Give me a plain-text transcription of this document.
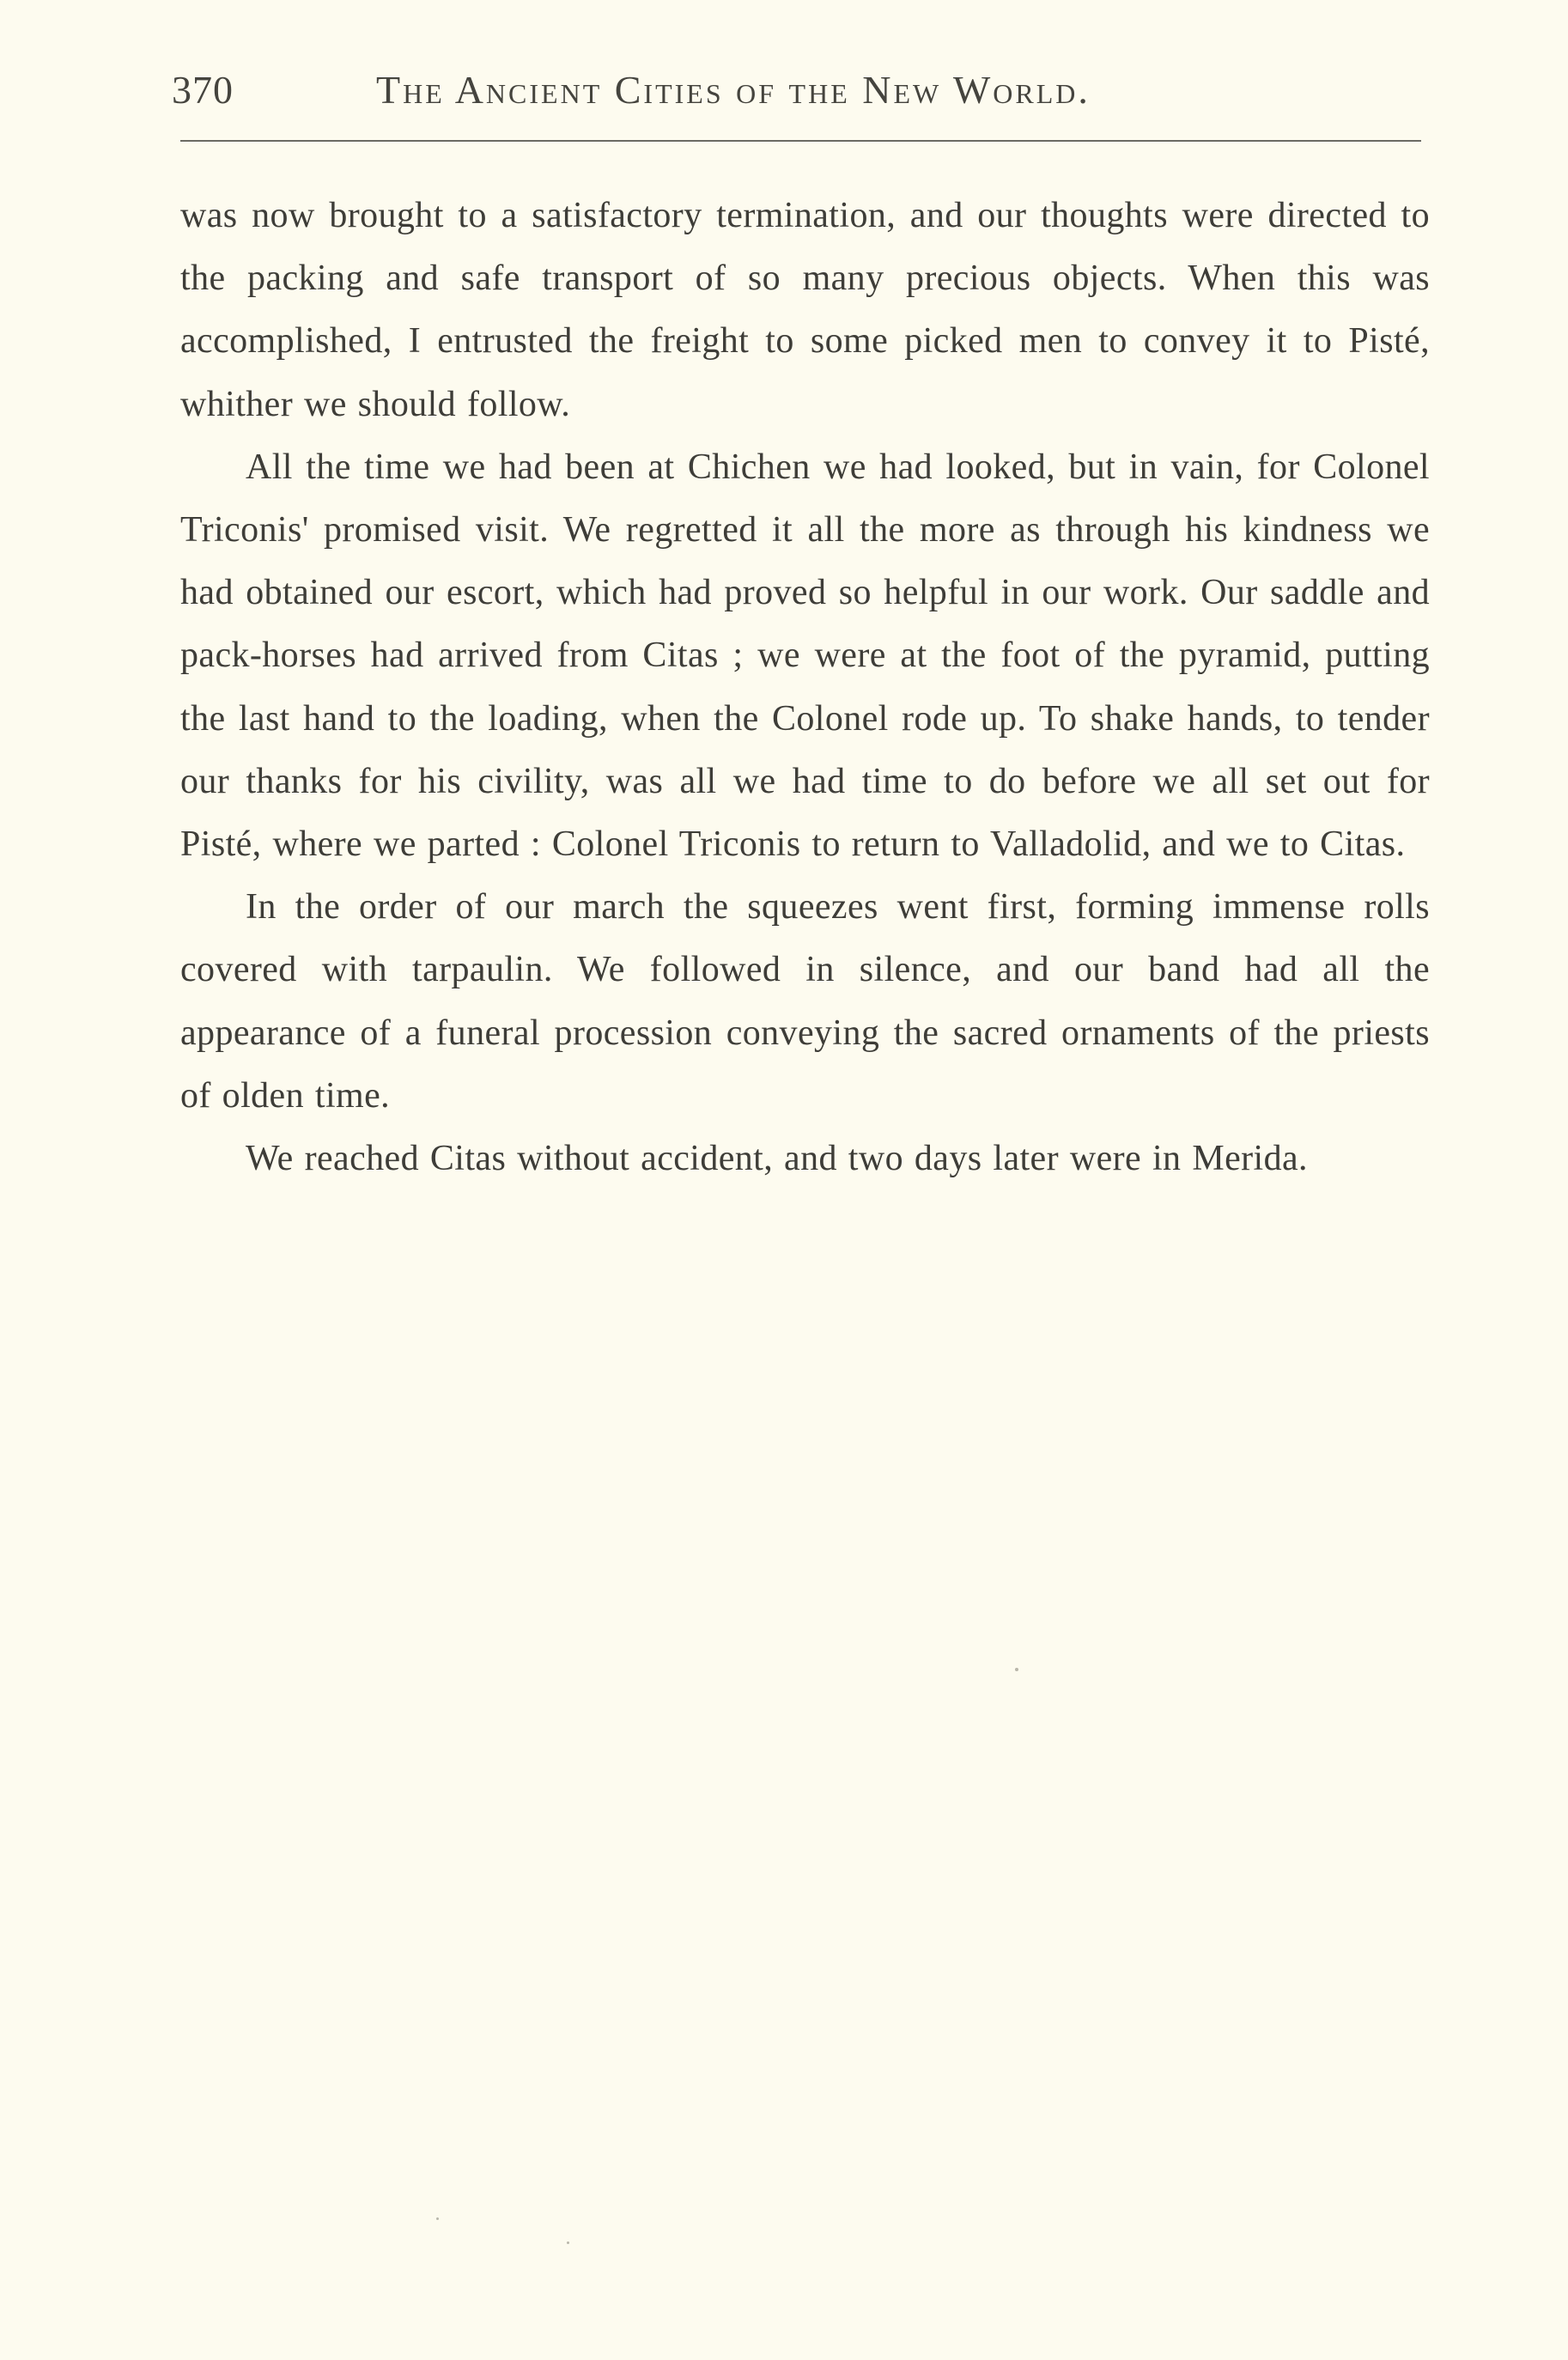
370	The Ancient Cities of the New World.

was now brought to a satisfactory termination, and our thoughts were directed to the packing and safe transport of so many precious objects. When this was accomplished, I entrusted the freight to some picked men to convey it to Pisté, whither we should follow.

All the time we had been at Chichen we had looked, but in vain, for Colonel Triconis' promised visit. We regretted it all the more as through his kindness we had obtained our escort, which had proved so helpful in our work. Our saddle and pack-horses had arrived from Citas ; we were at the foot of the pyramid, putting the last hand to the loading, when the Colonel rode up. To shake hands, to tender our thanks for his civility, was all we had time to do before we all set out for Pisté, where we parted : Colonel Triconis to return to Valladolid, and we to Citas.

In the order of our march the squeezes went first, forming immense rolls covered with tarpaulin. We followed in silence, and our band had all the appearance of a funeral procession conveying the sacred ornaments of the priests of olden time.

We reached Citas without accident, and two days later were in Merida.
